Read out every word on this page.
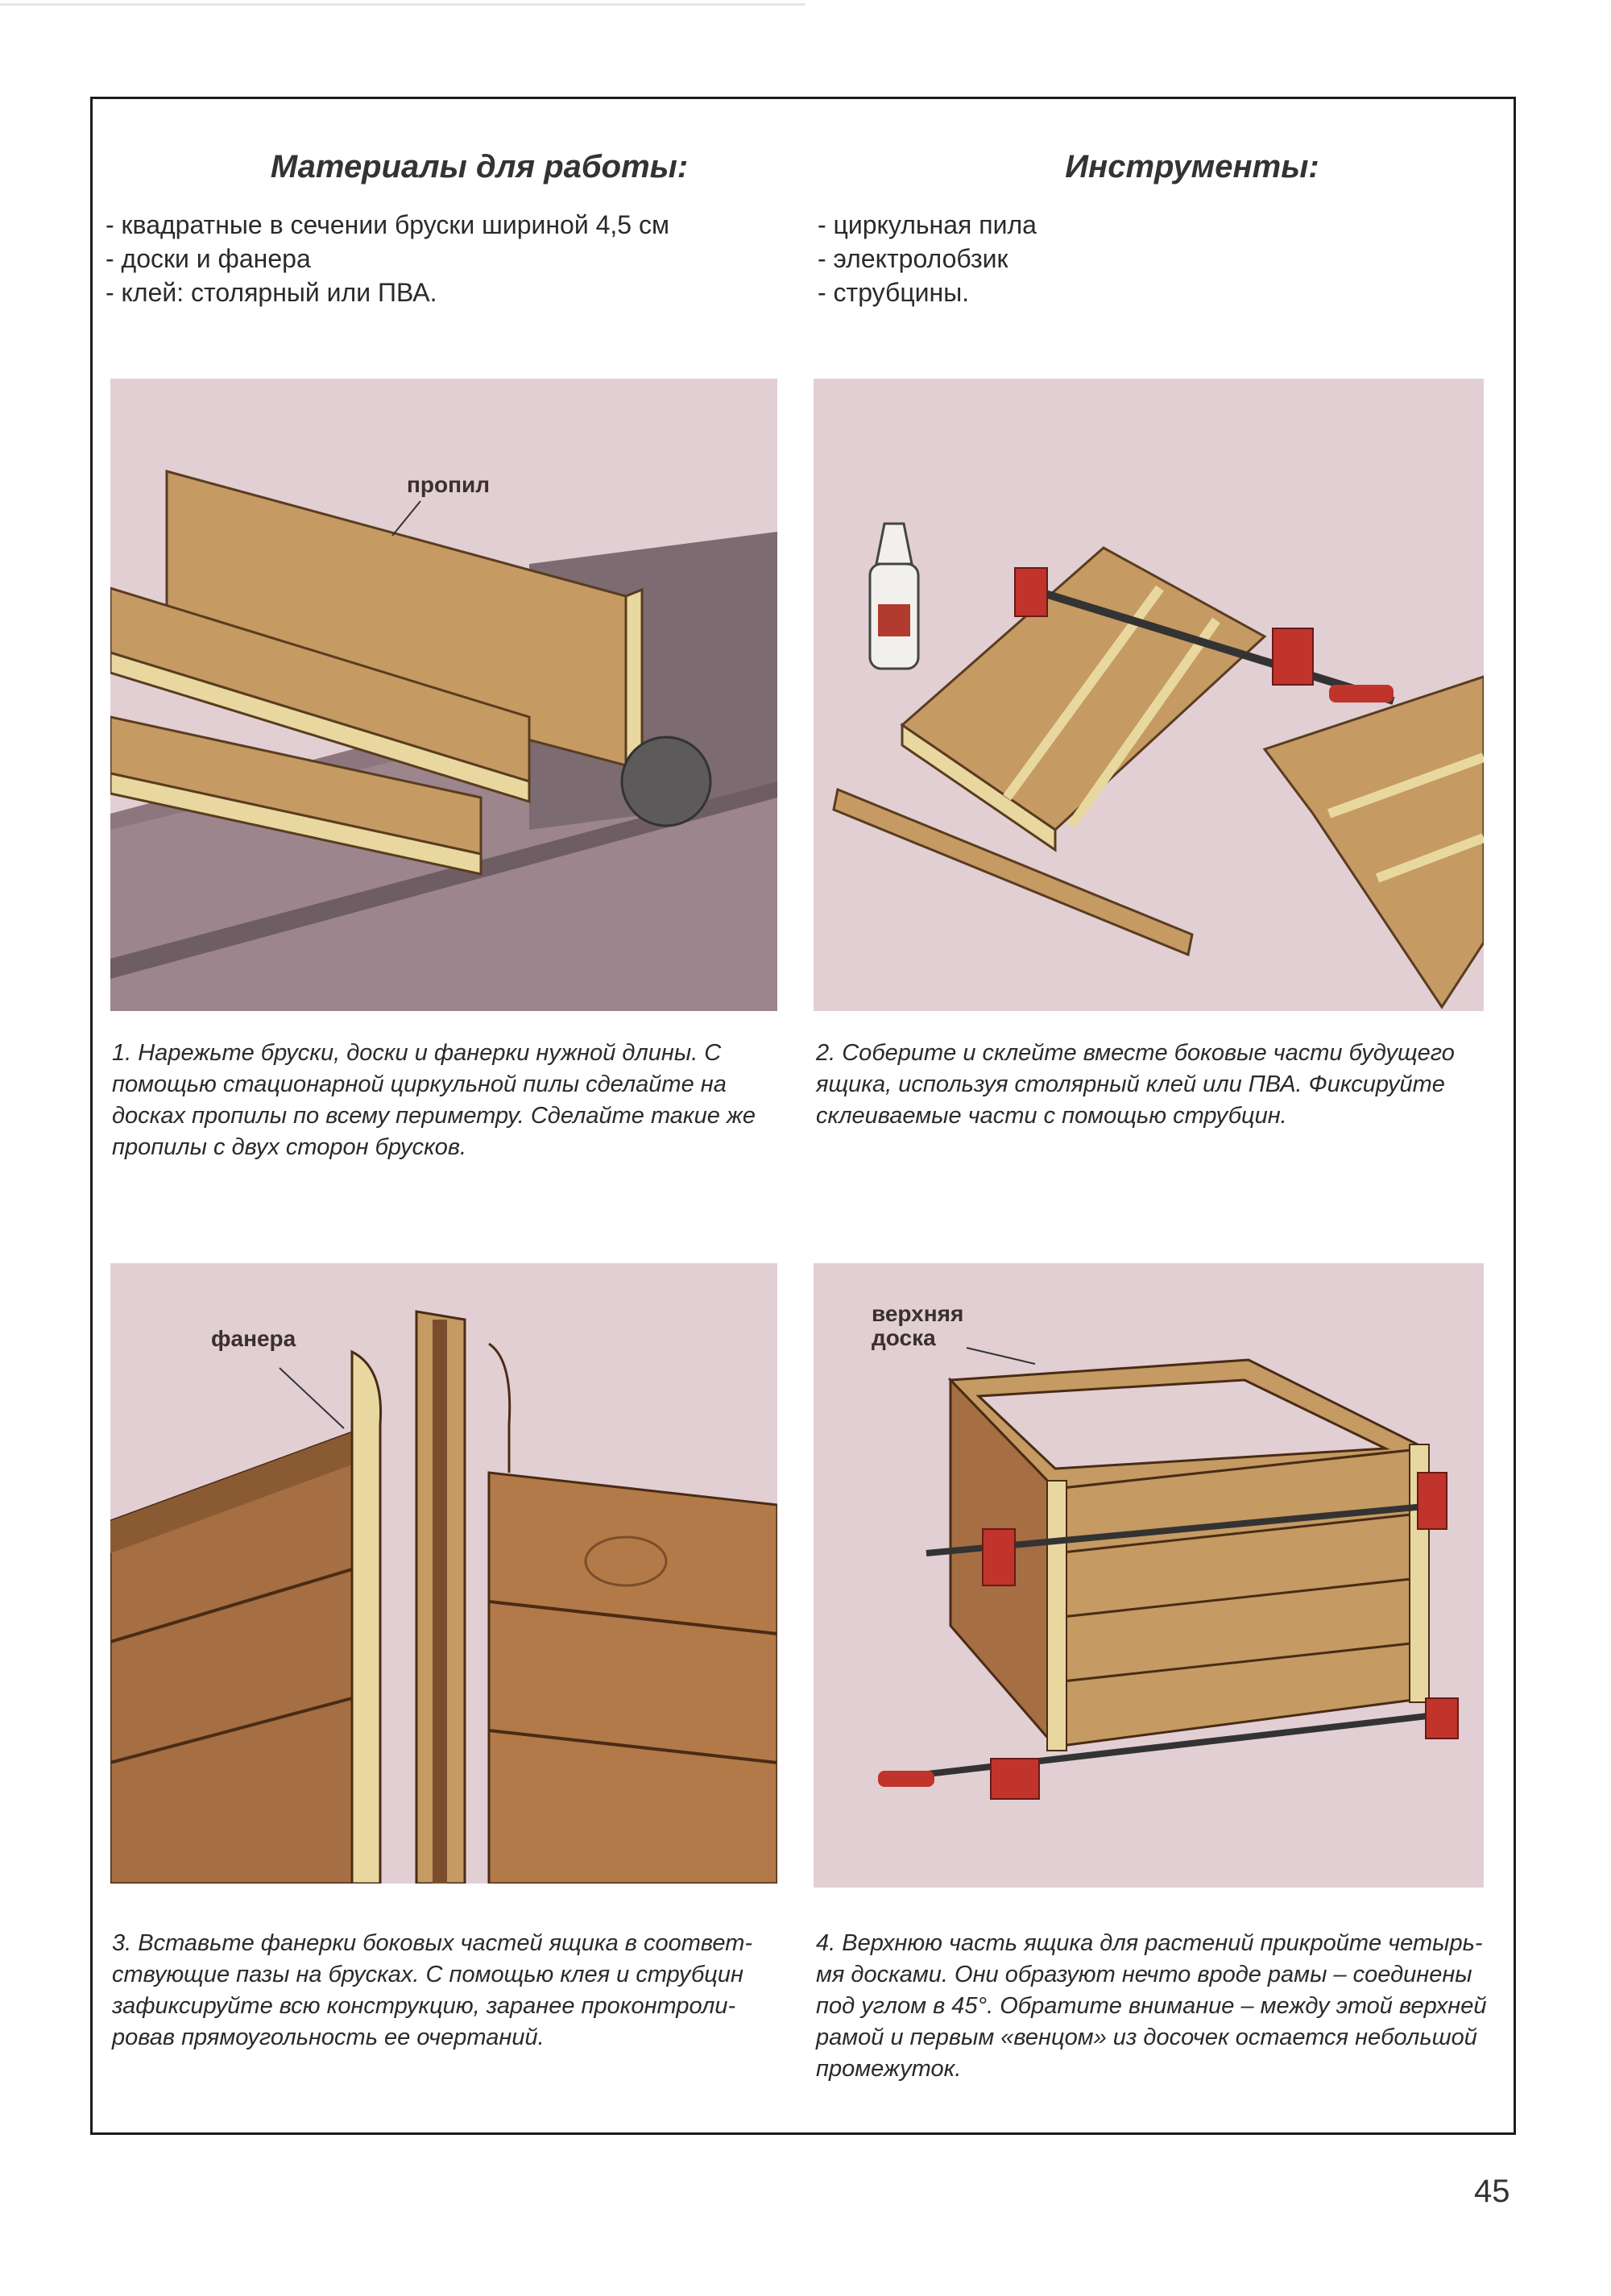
Материалы для работы:	Инструменты:
- квадратные в сечении бруски шириной 4,5 см
- доски и фанера
- клей: столярный или ПВА.
- циркульная пила
- электролобзик
- струбцины.
пропил
1. Нарежьте бруски, доски и фанерки нужной длины. С
помощью стационарной циркульной пилы сделайте на
досках пропилы по всему периметру. Сделайте такие же
пропилы с двух сторон брусков.
2. Соберите и склейте вместе боковые части будущего
ящика, используя столярный клей или ПВА. Фиксируйте
склеиваемые части с помощью струбцин.
фанера
верхняя
доска
3. Вставьте фанерки боковых частей ящика в соответ-
ствующие пазы на брусках. С помощью клея и струбцин
зафиксируйте всю конструкцию, заранее проконтроли-
ровав прямоугольность ее очертаний.
4. Верхнюю часть ящика для растений прикройте четырь-
мя досками. Они образуют нечто вроде рамы – соединены
под углом в 45°. Обратите внимание – между этой верхней
рамой и первым «венцом» из досочек остается небольшой
промежуток.
45
